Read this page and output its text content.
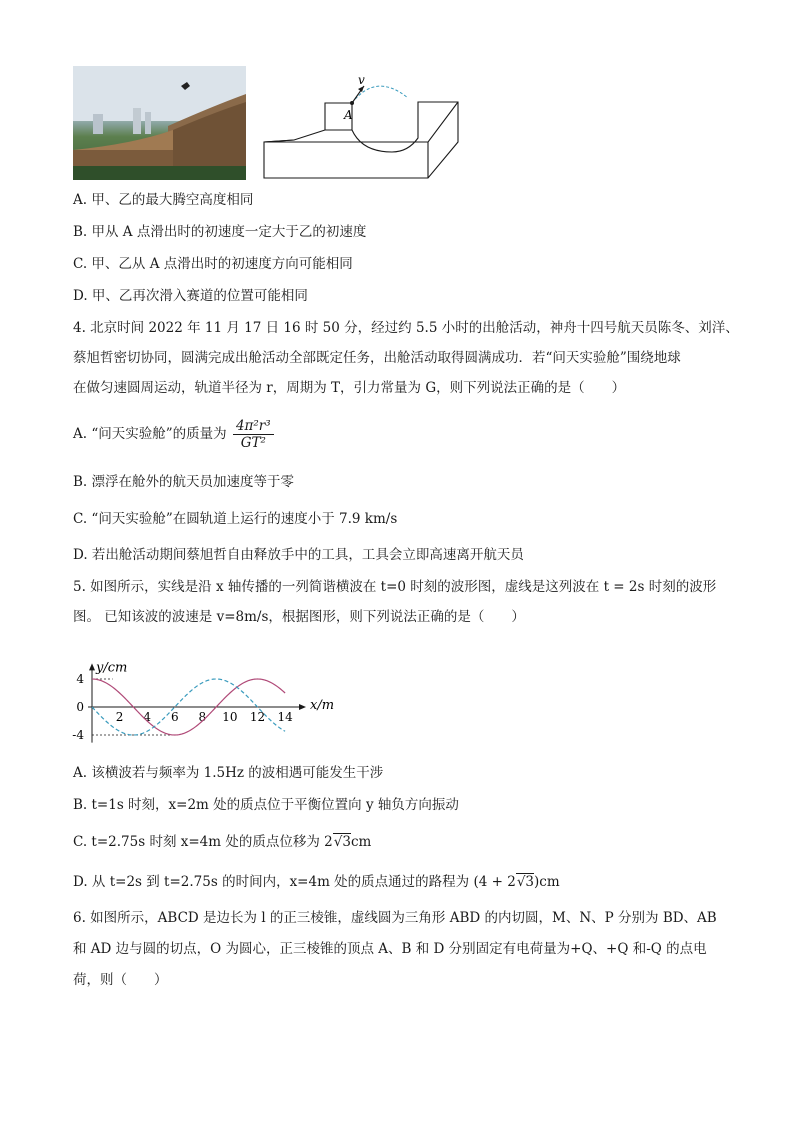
v
A
A. 甲、乙的最大腾空高度相同
B. 甲从 A 点滑出时的初速度一定大于乙的初速度
C. 甲、乙从 A 点滑出时的初速度方向可能相同
D. 甲、乙再次滑入赛道的位置可能相同
4. 北京时间 2022 年 11 月 17 日 16 时 50 分，经过约 5.5 小时的出舱活动，神舟十四号航天员陈冬、刘洋、
蔡旭哲密切协同，圆满完成出舱活动全部既定任务，出舱活动取得圆满成功．若“问天实验舱”围绕地球
在做匀速圆周运动，轨道半径为 r，周期为 T，引力常量为 G，则下列说法正确的是（　　）
A. “问天实验舱”的质量为 $\frac{\text{4π²r³}}{\text{GT²}}$
B. 漂浮在舱外的航天员加速度等于零
C. “问天实验舱”在圆轨道上运行的速度小于 7.9 km/s
D. 若出舱活动期间蔡旭哲自由释放手中的工具，工具会立即高速离开航天员
5. 如图所示，实线是沿 x 轴传播的一列简谐横波在 t=0 时刻的波形图，虚线是这列波在 t = 2s 时刻的波形
图。 已知该波的波速是 v=8m/s，根据图形，则下列说法正确的是（　　）
y/cm
x/m
2 4 6 8 10 12 14
4
0
-4
A. 该横波若与频率为 1.5Hz 的波相遇可能发生干涉
B. t=1s 时刻，x=2m 处的质点位于平衡位置向 y 轴负方向振动
C. t=2.75s 时刻 x=4m 处的质点位移为 2√3cm
D. 从 t=2s 到 t=2.75s 的时间内，x=4m 处的质点通过的路程为 (4 + 2√3)cm
6. 如图所示，ABCD 是边长为 l 的正三棱锥，虚线圆为三角形 ABD 的内切圆，M、N、P 分别为 BD、AB
和 AD 边与圆的切点，O 为圆心，正三棱锥的顶点 A、B 和 D 分别固定有电荷量为+Q、+Q 和-Q 的点电
荷，则（　　）
